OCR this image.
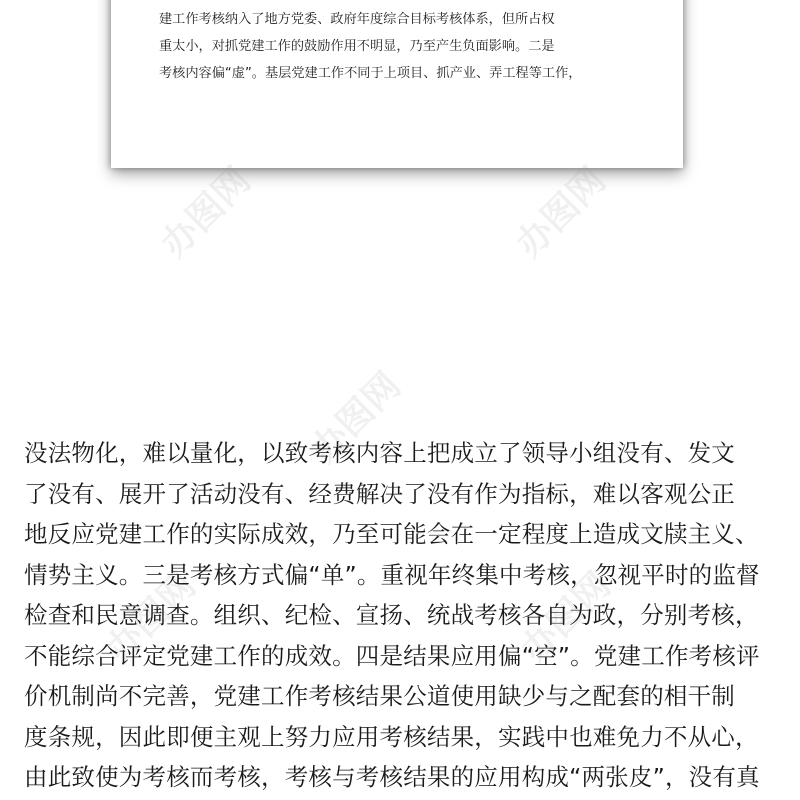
建工作考核纳入了地方党委、政府年度综合目标考核体系，但所占权
重太小，对抓党建工作的鼓励作用不明显，乃至产生负面影响。二是
考核内容偏“虚”。基层党建工作不同于上项目、抓产业、弄工程等工作，
办图网	办图网
办图网
办图网	办图网
没法物化，难以量化，以致考核内容上把成立了领导小组没有、发文
了没有、展开了活动没有、经费解决了没有作为指标，难以客观公正
地反应党建工作的实际成效，乃至可能会在一定程度上造成文牍主义、
情势主义。三是考核方式偏“单”。重视年终集中考核，忽视平时的监督
检查和民意调查。组织、纪检、宣扬、统战考核各自为政，分别考核，
不能综合评定党建工作的成效。四是结果应用偏“空”。党建工作考核评
价机制尚不完善，党建工作考核结果公道使用缺少与之配套的相干制
度条规，因此即便主观上努力应用考核结果，实践中也难免力不从心，
由此致使为考核而考核，考核与考核结果的应用构成“两张皮”，没有真
